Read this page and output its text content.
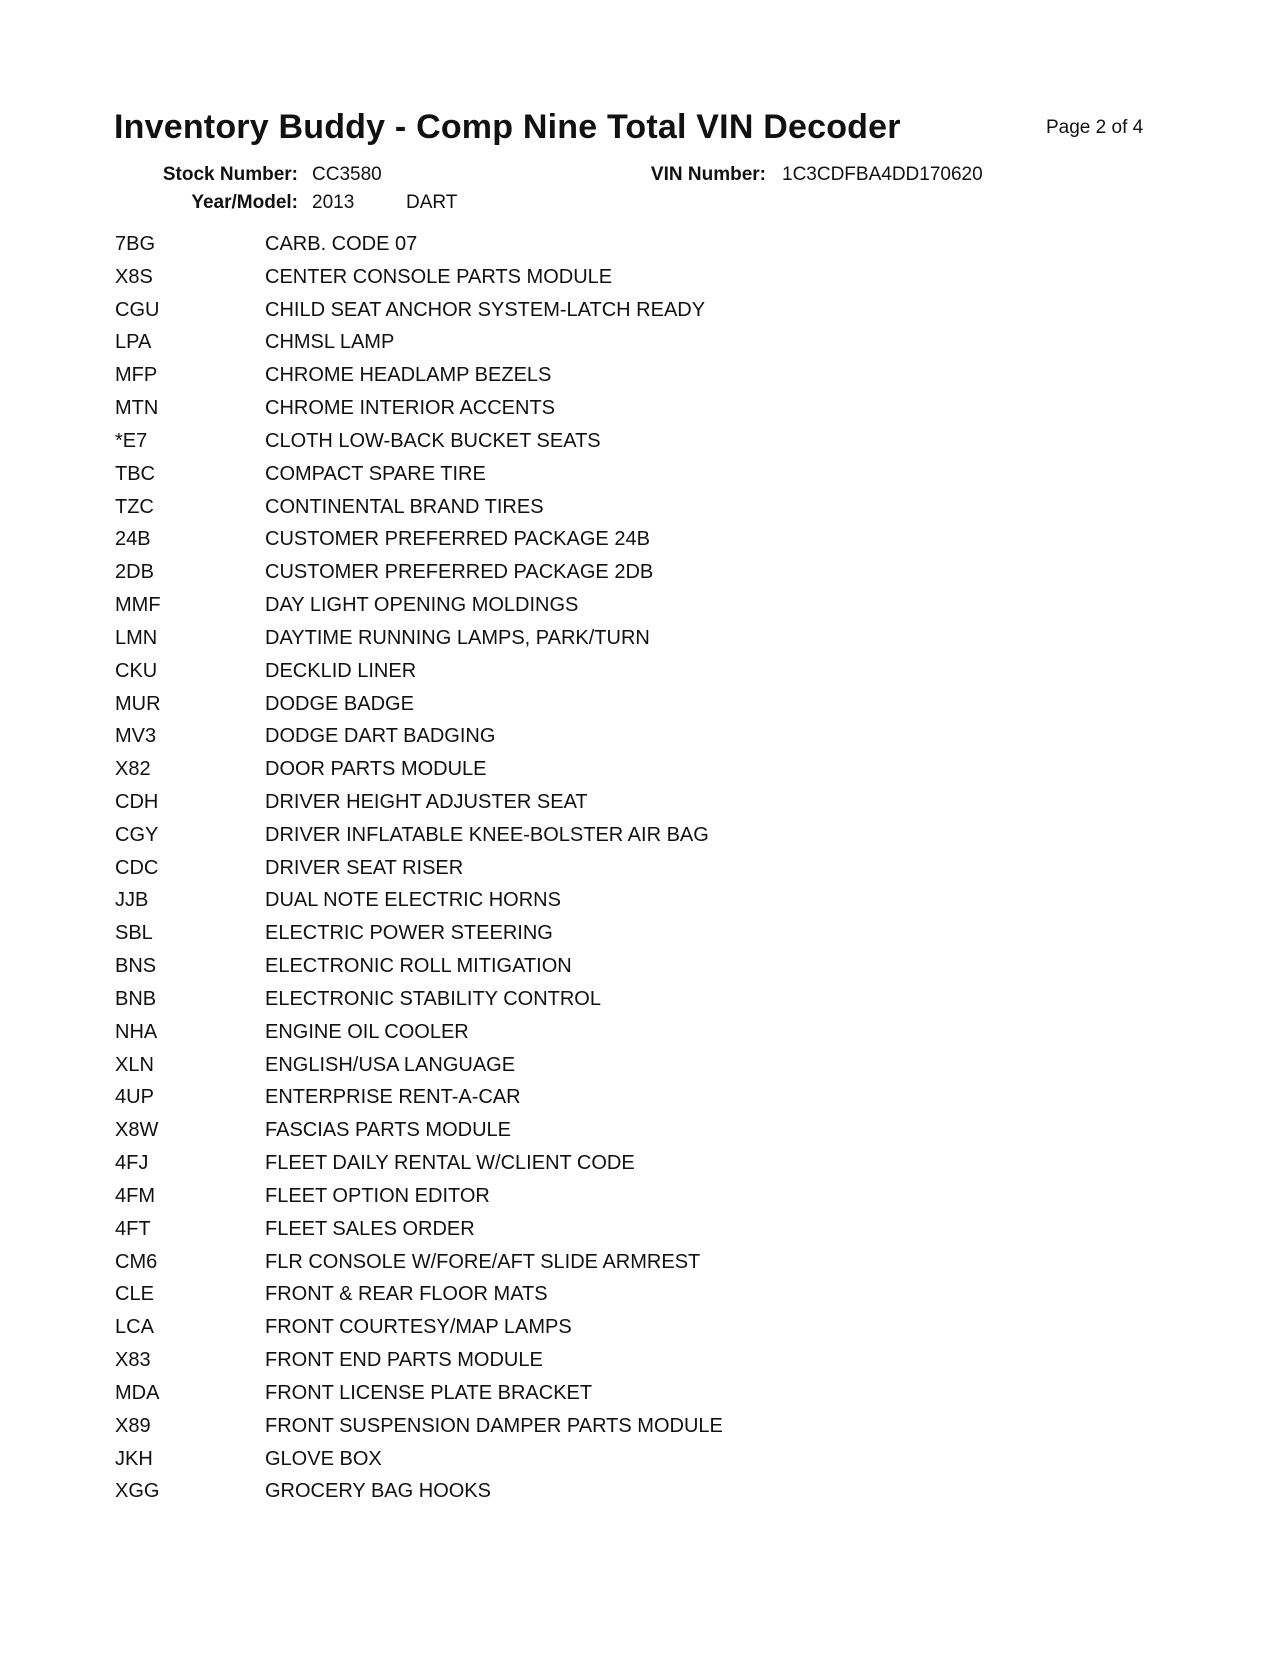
Inventory Buddy - Comp Nine Total VIN Decoder	Page 2 of 4
Stock Number: CC3580	VIN Number: 1C3CDFBA4DD170620
Year/Model: 2013	DART
7BG	CARB. CODE 07
X8S	CENTER CONSOLE PARTS MODULE
CGU	CHILD SEAT ANCHOR SYSTEM-LATCH READY
LPA	CHMSL LAMP
MFP	CHROME HEADLAMP BEZELS
MTN	CHROME INTERIOR ACCENTS
*E7	CLOTH LOW-BACK BUCKET SEATS
TBC	COMPACT SPARE TIRE
TZC	CONTINENTAL BRAND TIRES
24B	CUSTOMER PREFERRED PACKAGE 24B
2DB	CUSTOMER PREFERRED PACKAGE 2DB
MMF	DAY LIGHT OPENING MOLDINGS
LMN	DAYTIME RUNNING LAMPS, PARK/TURN
CKU	DECKLID LINER
MUR	DODGE BADGE
MV3	DODGE DART BADGING
X82	DOOR PARTS MODULE
CDH	DRIVER HEIGHT ADJUSTER SEAT
CGY	DRIVER INFLATABLE KNEE-BOLSTER AIR BAG
CDC	DRIVER SEAT RISER
JJB	DUAL NOTE ELECTRIC HORNS
SBL	ELECTRIC POWER STEERING
BNS	ELECTRONIC ROLL MITIGATION
BNB	ELECTRONIC STABILITY CONTROL
NHA	ENGINE OIL COOLER
XLN	ENGLISH/USA LANGUAGE
4UP	ENTERPRISE RENT-A-CAR
X8W	FASCIAS PARTS MODULE
4FJ	FLEET DAILY RENTAL W/CLIENT CODE
4FM	FLEET OPTION EDITOR
4FT	FLEET SALES ORDER
CM6	FLR CONSOLE W/FORE/AFT SLIDE ARMREST
CLE	FRONT & REAR FLOOR MATS
LCA	FRONT COURTESY/MAP LAMPS
X83	FRONT END PARTS MODULE
MDA	FRONT LICENSE PLATE BRACKET
X89	FRONT SUSPENSION DAMPER PARTS MODULE
JKH	GLOVE BOX
XGG	GROCERY BAG HOOKS
